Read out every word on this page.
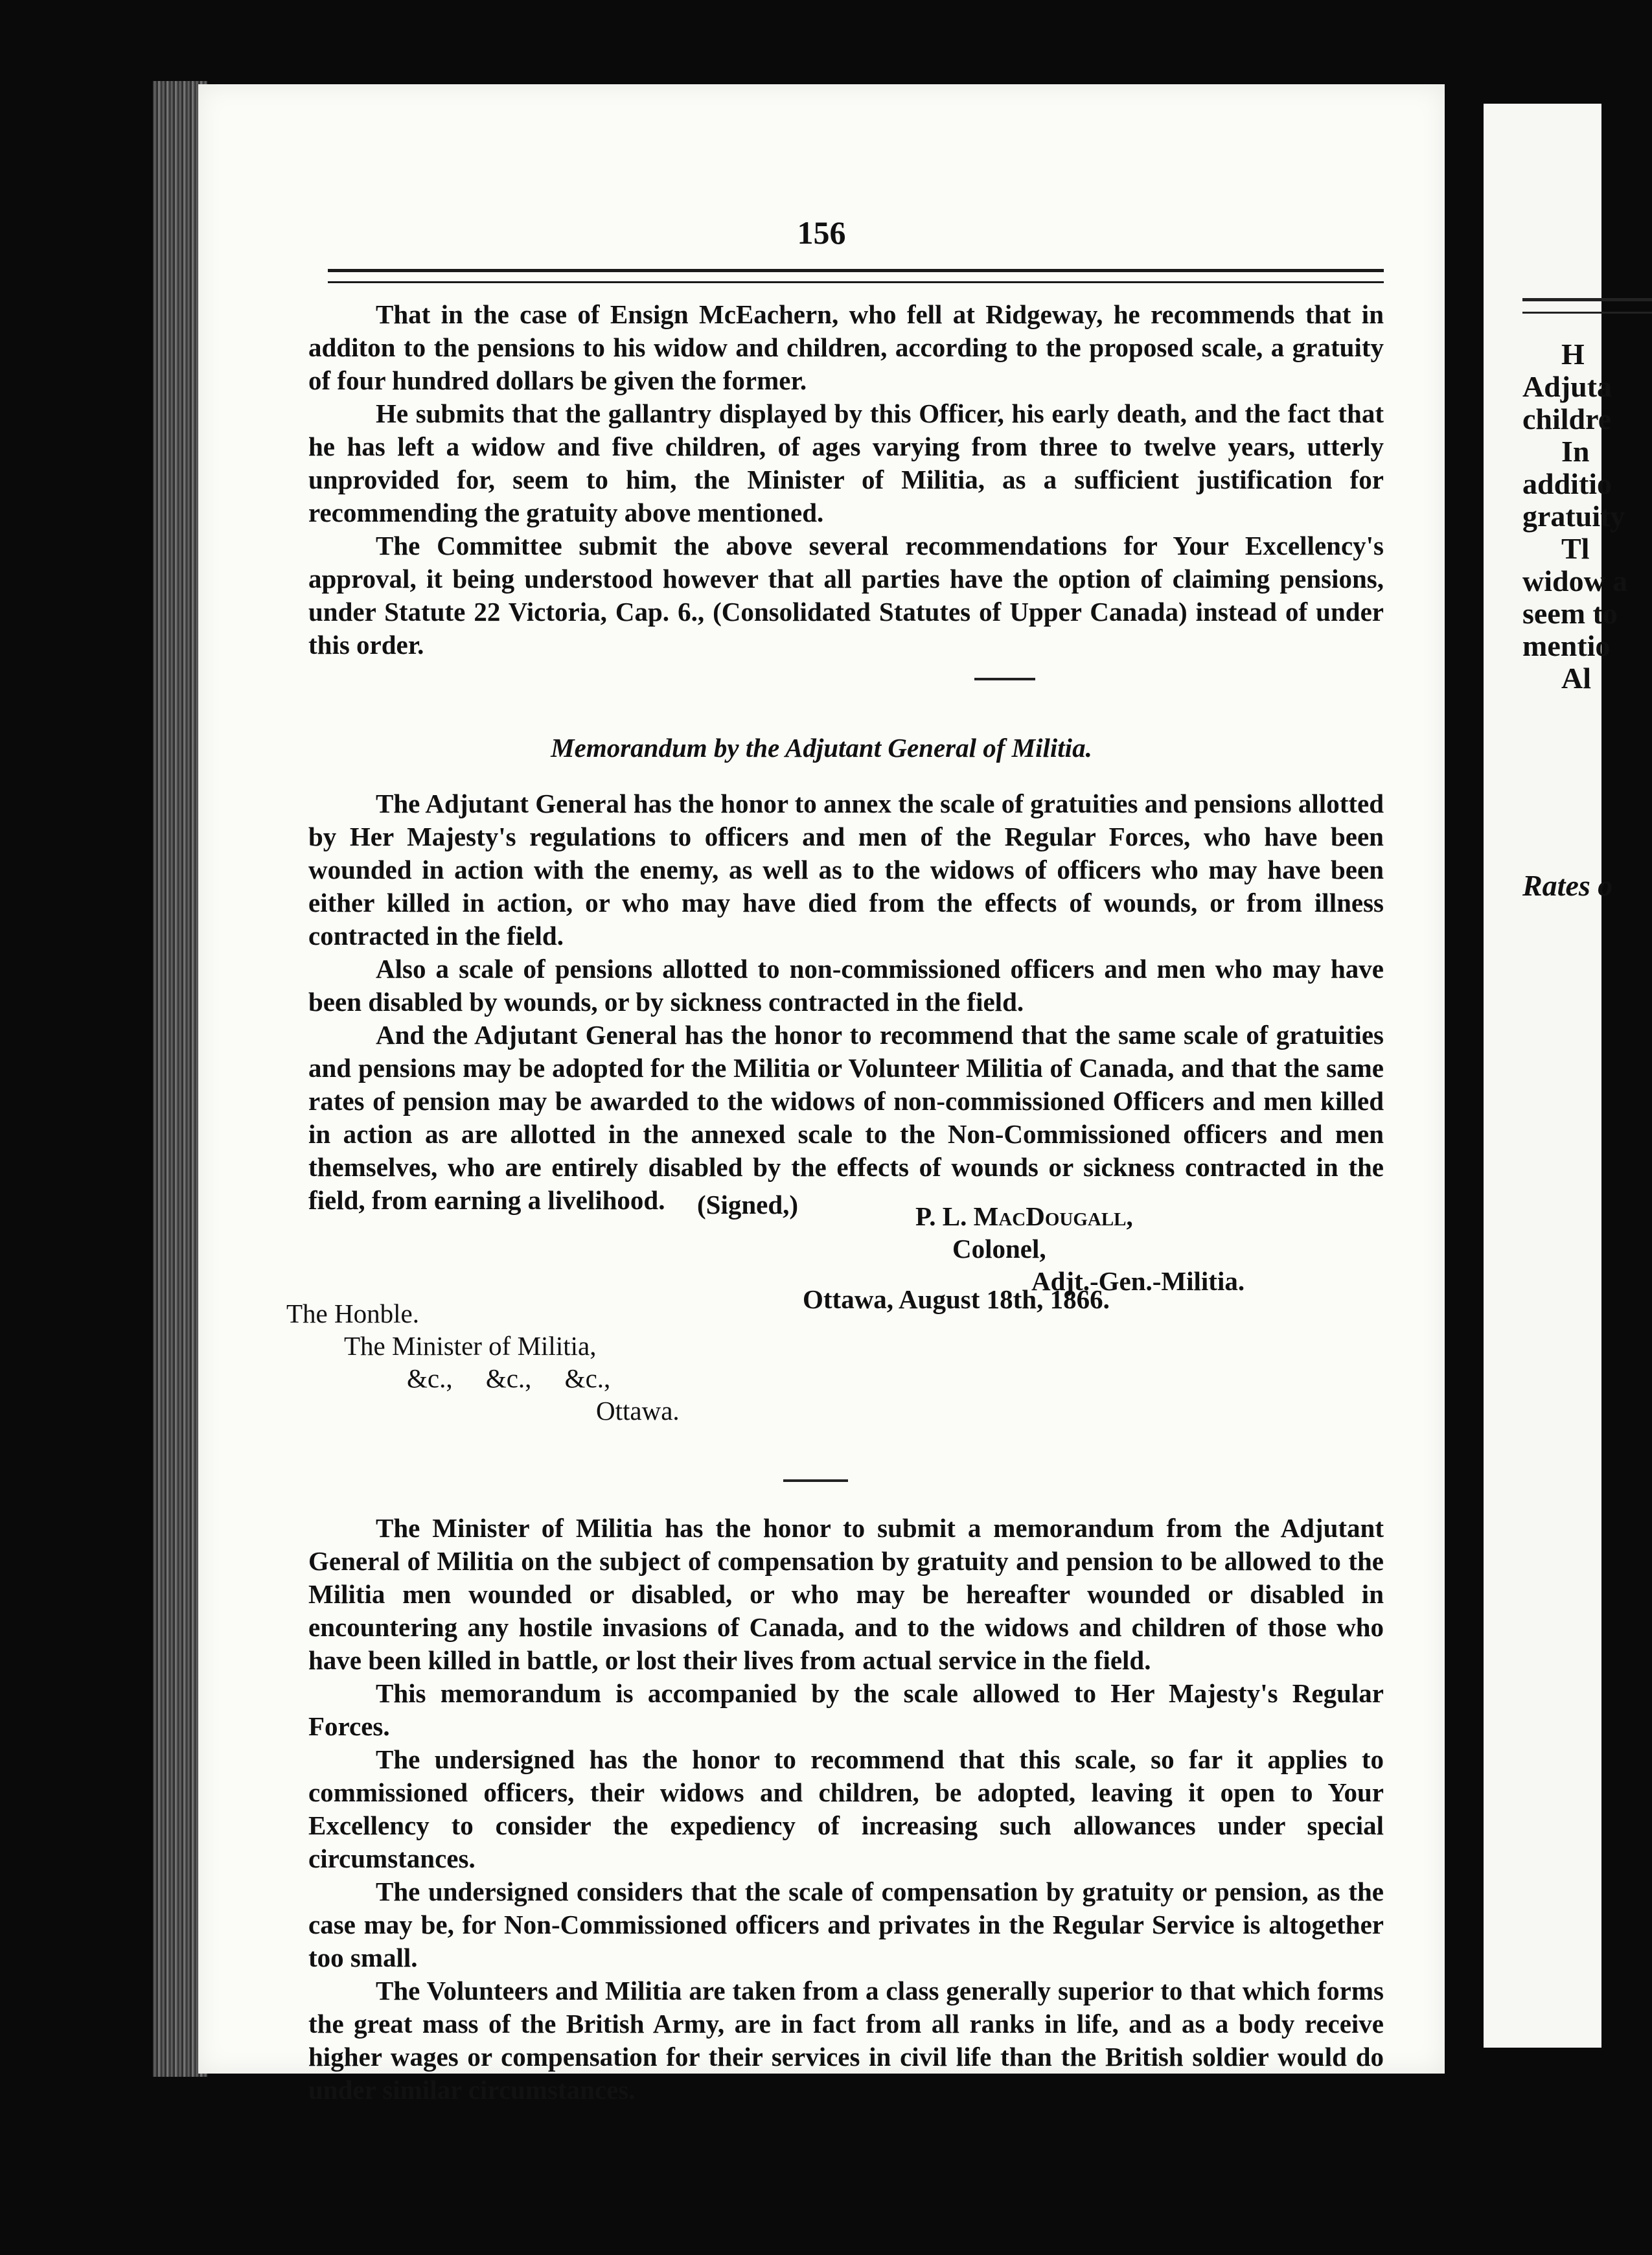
156

That in the case of Ensign McEachern, who fell at Ridgeway, he recommends that in additon to the pensions to his widow and children, according to the proposed scale, a gratuity of four hundred dollars be given the former.

He submits that the gallantry displayed by this Officer, his early death, and the fact that he has left a widow and five children, of ages varying from three to twelve years, utterly unprovided for, seem to him, the Minister of Militia, as a sufficient justification for recommending the gratuity above mentioned.

The Committee submit the above several recommendations for Your Excellency's approval, it being understood however that all parties have the option of claiming pensions, under Statute 22 Victoria, Cap. 6., (Consolidated Statutes of Upper Canada) instead of under this order.

Memorandum by the Adjutant General of Militia.

The Adjutant General has the honor to annex the scale of gratuities and pensions allotted by Her Majesty's regulations to officers and men of the Regular Forces, who have been wounded in action with the enemy, as well as to the widows of officers who may have been either killed in action, or who may have died from the effects of wounds, or from illness contracted in the field.

Also a scale of pensions allotted to non-commissioned officers and men who may have been disabled by wounds, or by sickness contracted in the field.

And the Adjutant General has the honor to recommend that the same scale of gratuities and pensions may be adopted for the Militia or Volunteer Militia of Canada, and that the same rates of pension may be awarded to the widows of non-commissioned Officers and men killed in action as are allotted in the annexed scale to the Non-Commissioned officers and men themselves, who are entirely disabled by the effects of wounds or sickness contracted in the field, from earning a livelihood.	(Signed,)	P. L. MacDougall,
Colonel,
Adjt.-Gen.-Militia.
Ottawa, August 18th, 1866.
The Honble.
The Minister of Militia,
&c.,     &c.,     &c.,
Ottawa.

The Minister of Militia has the honor to submit a memorandum from the Adjutant General of Militia on the subject of compensation by gratuity and pension to be allowed to the Militia men wounded or disabled, or who may be hereafter wounded or disabled in encountering any hostile invasions of Canada, and to the widows and children of those who have been killed in battle, or lost their lives from actual service in the field.

This memorandum is accompanied by the scale allowed to Her Majesty's Regular Forces.

The undersigned has the honor to recommend that this scale, so far it applies to commissioned officers, their widows and children, be adopted, leaving it open to Your Excellency to consider the expediency of increasing such allowances under special circumstances.

The undersigned considers that the scale of compensation by gratuity or pension, as the case may be, for Non-Commissioned officers and privates in the Regular Service is altogether too small.

The Volunteers and Militia are taken from a class generally superior to that which forms the great mass of the British Army, are in fact from all ranks in life, and as a body receive higher wages or compensation for their services in civil life than the British soldier would do under similar circumstances.

H
Adjuta
childre
In
additio
gratuity
Tl
widow a
seem to
mentio
Al
Rates o
